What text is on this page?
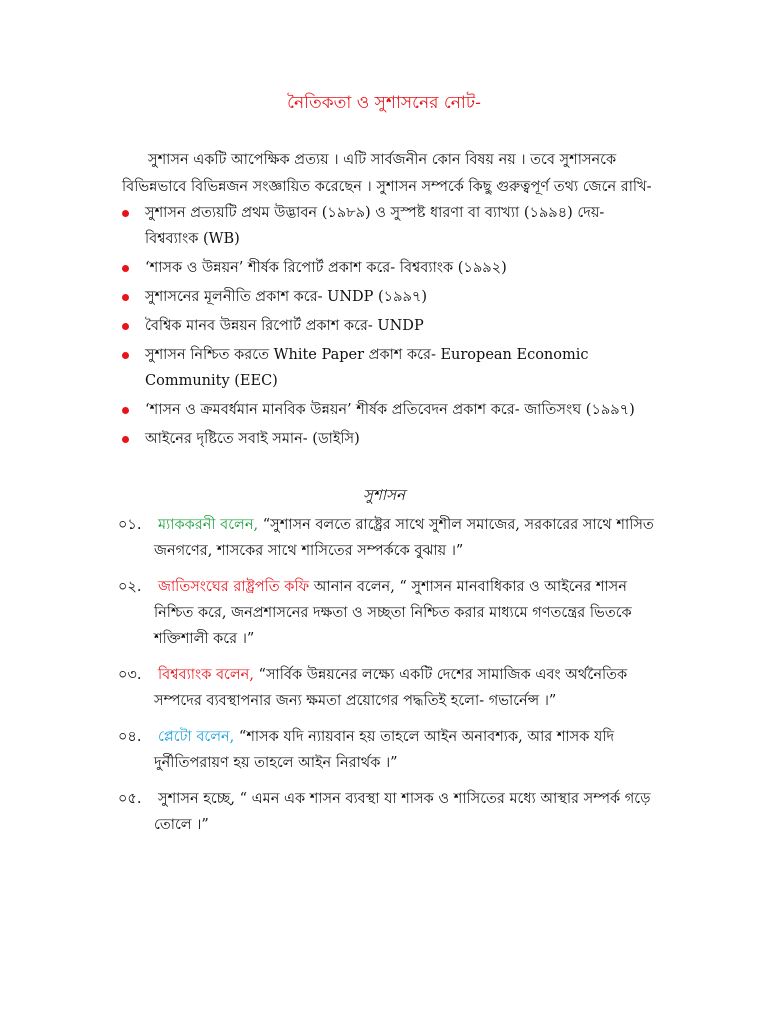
নৈতিকতা ও সুশাসনের নোট-
সুশাসন একটি আপেক্ষিক প্রত্যয় । এটি সার্বজনীন কোন বিষয় নয় । তবে সুশাসনকে বিভিন্নভাবে বিভিন্নজন সংজ্ঞায়িত করেছেন । সুশাসন সম্পর্কে কিছু গুরুত্বপূর্ণ তথ্য জেনে রাখি-
সুশাসন প্রত্যয়টি প্রথম উদ্ভাবন (১৯৮৯) ও সুস্পষ্ট ধারণা বা ব্যাখ্যা (১৯৯৪) দেয়- বিশ্বব্যাংক (WB)
‘শাসক ও উন্নয়ন’ শীর্ষক রিপোর্ট প্রকাশ করে- বিশ্বব্যাংক (১৯৯২)
সুশাসনের মূলনীতি প্রকাশ করে- UNDP (১৯৯৭)
বৈশ্বিক মানব উন্নয়ন রিপোর্ট প্রকাশ করে- UNDP
সুশাসন নিশ্চিত করতে White Paper প্রকাশ করে- European Economic Community (EEC)
‘শাসন ও ক্রমবর্ধমান মানবিক উন্নয়ন’ শীর্ষক প্রতিবেদন প্রকাশ করে- জাতিসংঘ (১৯৯৭)
আইনের দৃষ্টিতে সবাই সমান- (ডাইসি)
সুশাসন
০১.	ম্যাককরনী বলেন, “সুশাসন বলতে রাষ্ট্রের সাথে সুশীল সমাজের, সরকারের সাথে শাসিত জনগণের, শাসকের সাথে শাসিতের সম্পর্ককে বুঝায় ।”
০২.	জাতিসংঘের রাষ্ট্রপতি কফি আনান বলেন, “ সুশাসন মানবাধিকার ও আইনের শাসন নিশ্চিত করে, জনপ্রশাসনের দক্ষতা ও সচ্ছতা নিশ্চিত করার মাধ্যমে গণতন্ত্রের ভিতকে শক্তিশালী করে ।”
০৩.	বিশ্বব্যাংক বলেন, “সার্বিক উন্নয়নের লক্ষ্যে একটি দেশের সামাজিক এবং অর্থনৈতিক সম্পদের ব্যবস্থাপনার জন্য ক্ষমতা প্রয়োগের পদ্ধতিই হলো- গভার্নেন্স ।”
০৪.	প্লেটো বলেন, “শাসক যদি ন্যায়বান হয় তাহলে আইন অনাবশ্যক, আর শাসক যদি দুর্নীতিপরায়ণ হয় তাহলে আইন নিরার্থক ।”
০৫.	সুশাসন হচ্ছে, “ এমন এক শাসন ব্যবস্থা যা শাসক ও শাসিতের মধ্যে আস্থার সম্পর্ক গড়ে তোলে ।”
